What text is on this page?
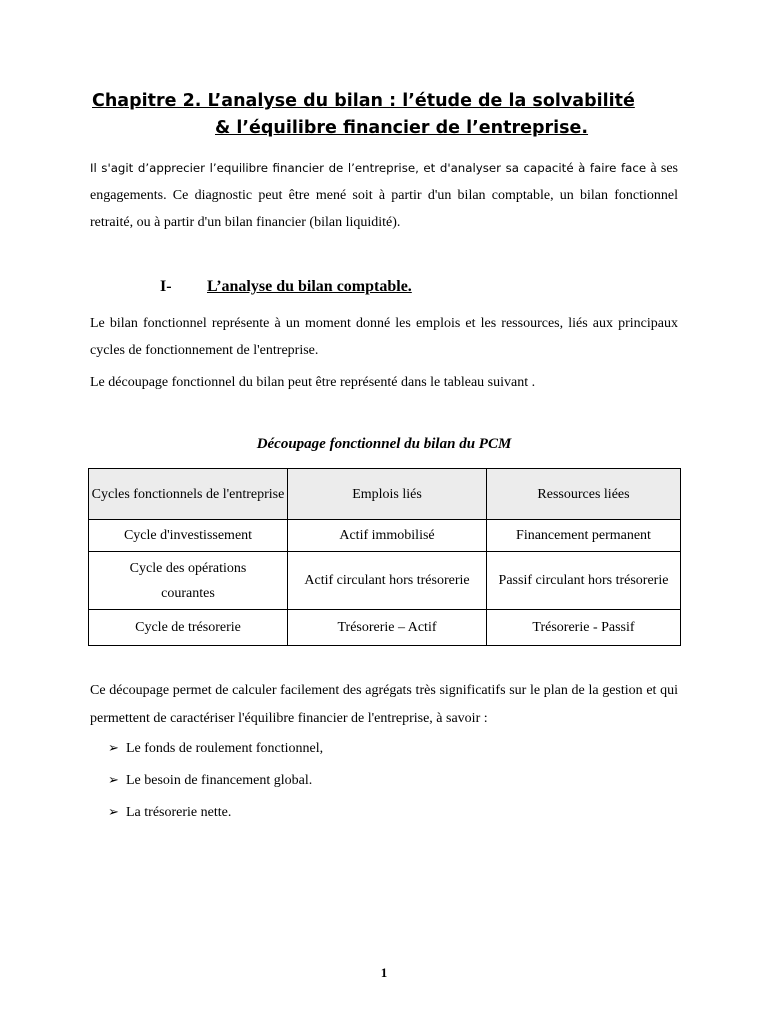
Chapitre 2. L’analyse du bilan : l’étude de la solvabilité
& l’équilibre financier de l’entreprise.
Il s'agit d’apprecier l’equilibre financier de l’entreprise, et d'analyser sa capacité à faire face à ses engagements. Ce diagnostic peut être mené soit à partir d'un bilan comptable, un bilan fonctionnel retraité, ou à partir d'un bilan financier (bilan liquidité).
I- L’analyse du bilan comptable.
Le bilan fonctionnel représente à un moment donné les emplois et les ressources, liés aux principaux cycles de fonctionnement de l'entreprise.
Le découpage fonctionnel du bilan peut être représenté dans le tableau suivant .
Découpage fonctionnel du bilan du PCM
Cycles fonctionnels de l'entreprise	Emplois liés	Ressources liées
Cycle d'investissement	Actif immobilisé	Financement permanent
Cycle des opérations courantes	Actif circulant hors trésorerie	Passif circulant hors trésorerie
Cycle de trésorerie	Trésorerie – Actif	Trésorerie - Passif
Ce découpage permet de calculer facilement des agrégats très significatifs sur le plan de la gestion et qui permettent de caractériser l'équilibre financier de l'entreprise, à savoir :
➢ Le fonds de roulement fonctionnel,
➢ Le besoin de financement global.
➢ La trésorerie nette.
1
